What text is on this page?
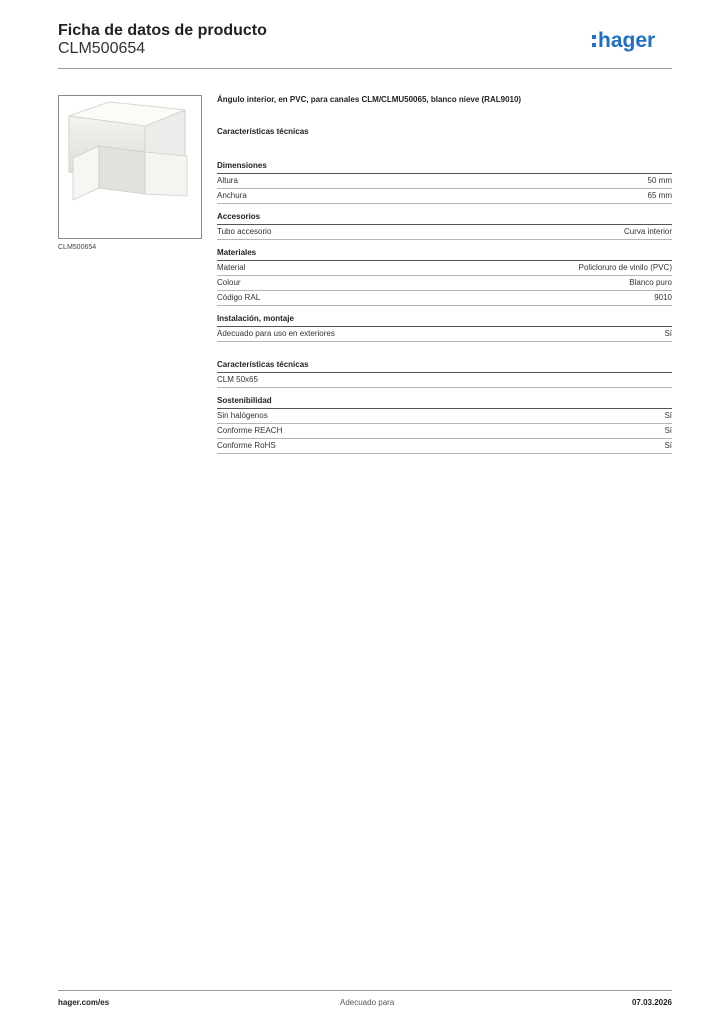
Ficha de datos de producto
CLM500654	hager
CLM500654
Ángulo interior, en PVC, para canales CLM/CLMU50065, blanco nieve (RAL9010)
Características técnicas
Dimensiones
Altura	50 mm
Anchura	65 mm
Accesorios
Tubo accesorio	Curva interior
Materiales
Material	Policloruro de vinilo (PVC)
Colour	Blanco puro
Código RAL	9010
Instalación, montaje
Adecuado para uso en exteriores	Sí
Características técnicas
CLM 50x65
Sostenibilidad
Sin halógenos	Sí
Conforme REACH	Sí
Conforme RoHS	Sí
hager.com/es	Adecuado para	07.03.2026
